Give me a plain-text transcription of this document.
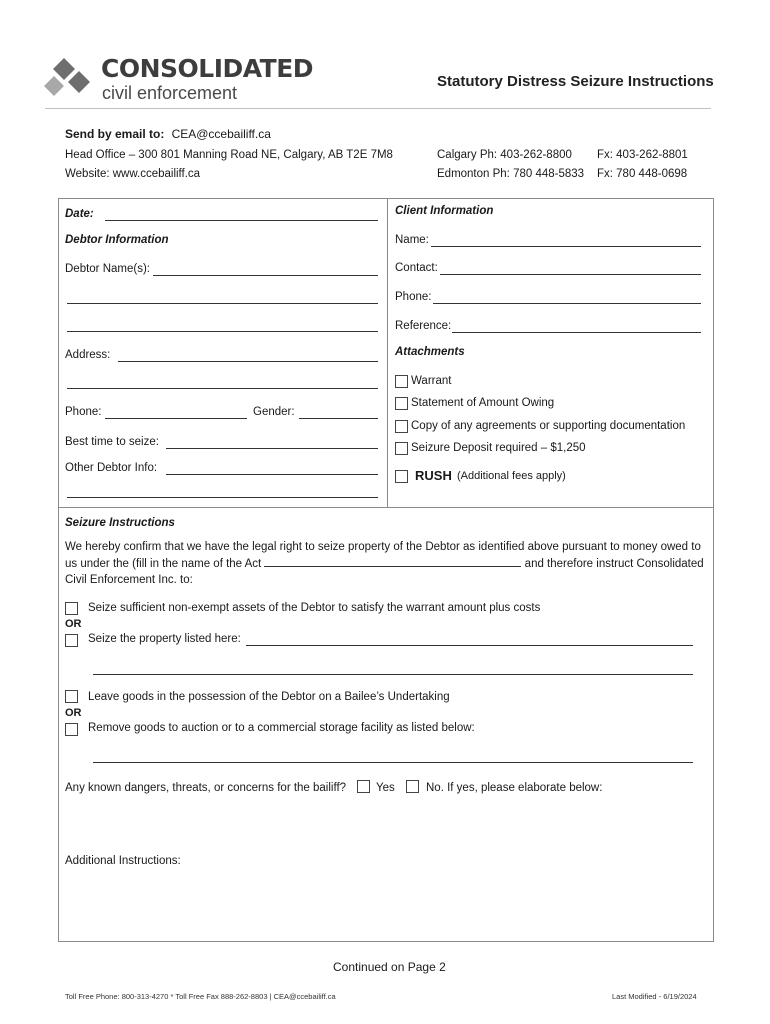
CONSOLIDATED
civil enforcement
Statutory Distress Seizure Instructions
Send by email to: CEA@ccebailiff.ca
Head Office – 300 801 Manning Road NE, Calgary, AB T2E 7M8
Website: www.ccebailiff.ca
Calgary Ph: 403-262-8800 Fx: 403-262-8801
Edmonton Ph: 780 448-5833 Fx: 780 448-0698
Date:
Debtor Information
Debtor Name(s):
Address:
Phone:	Gender:
Best time to seize:
Other Debtor Info:
Client Information
Name:
Contact:
Phone:
Reference:
Attachments
Warrant
Statement of Amount Owing
Copy of any agreements or supporting documentation
Seizure Deposit required – $1,250
RUSH (Additional fees apply)
Seizure Instructions
We hereby confirm that we have the legal right to seize property of the Debtor as identified above pursuant to money owed to us under the (fill in the name of the Act	and therefore instruct Consolidated Civil Enforcement Inc. to:
Seize sufficient non-exempt assets of the Debtor to satisfy the warrant amount plus costs
OR
Seize the property listed here:
Leave goods in the possession of the Debtor on a Bailee’s Undertaking
OR
Remove goods to auction or to a commercial storage facility as listed below:
Any known dangers, threats, or concerns for the bailiff?	Yes	No. If yes, please elaborate below:
Additional Instructions:
Continued on Page 2
Toll Free Phone: 800-313-4270 * Toll Free Fax 888-262-8803 | CEA@ccebailiff.ca	Last Modified - 6/19/2024
